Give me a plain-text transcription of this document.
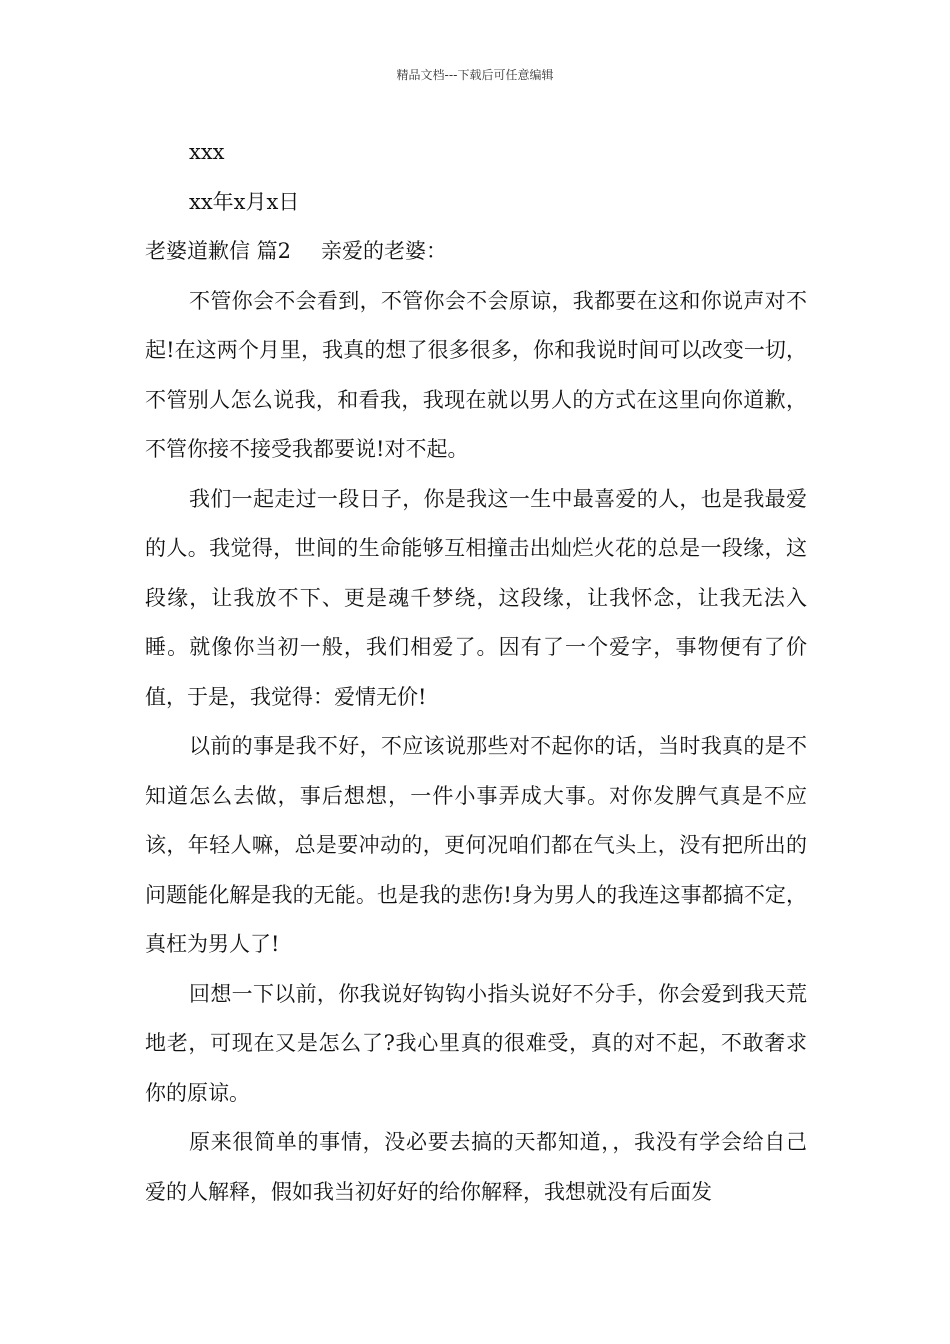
精品文档---下载后可任意编辑

xxx

xx年x月x日

老婆道歉信 篇2 亲爱的老婆：

不管你会不会看到，不管你会不会原谅，我都要在这和你说声对不起!在这两个月里，我真的想了很多很多，你和我说时间可以改变一切，不管别人怎么说我，和看我，我现在就以男人的方式在这里向你道歉，不管你接不接受我都要说!对不起。

我们一起走过一段日子，你是我这一生中最喜爱的人，也是我最爱的人。我觉得，世间的生命能够互相撞击出灿烂火花的总是一段缘，这段缘，让我放不下、更是魂千梦绕，这段缘，让我怀念，让我无法入睡。就像你当初一般，我们相爱了。因有了一个爱字，事物便有了价值，于是，我觉得：爱情无价!

以前的事是我不好，不应该说那些对不起你的话，当时我真的是不知道怎么去做，事后想想，一件小事弄成大事。对你发脾气真是不应该，年轻人嘛，总是要冲动的，更何况咱们都在气头上，没有把所出的问题能化解是我的无能。也是我的悲伤!身为男人的我连这事都搞不定，真枉为男人了!

回想一下以前，你我说好钩钩小指头说好不分手，你会爱到我天荒地老，可现在又是怎么了?我心里真的很难受，真的对不起，不敢奢求你的原谅。

原来很简单的事情，没必要去搞的天都知道，，我没有学会给自己爱的人解释，假如我当初好好的给你解释，我想就没有后面发
